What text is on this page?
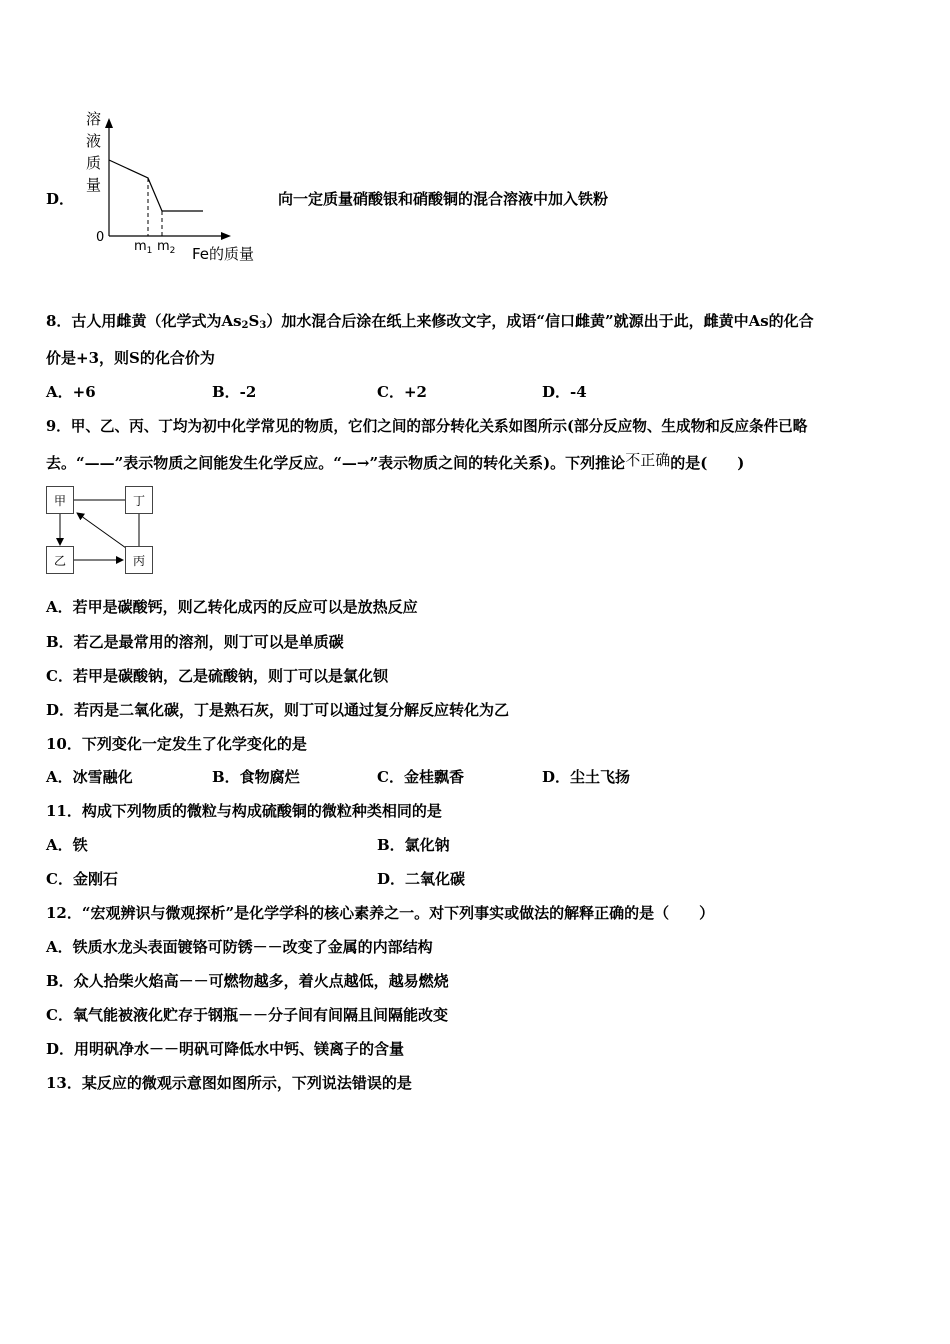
D．
溶
液
质
量
0
$m_1$ $m_2$ Fe的质量
向一定质量硝酸银和硝酸铜的混合溶液中加入铁粉
8．古人用雌黄（化学式为$As_2S_3$）加水混合后涂在纸上来修改文字，成语“信口雌黄”就源出于此，雌黄中As的化合
价是+3，则S的化合价为
A．+6	B．-2	C．+2	D．-4
9．甲、乙、丙、丁均为初中化学常见的物质，它们之间的部分转化关系如图所示(部分反应物、生成物和反应条件已略
去。“——”表示物质之间能发生化学反应。“—→”表示物质之间的转化关系)。下列推论不正确的是(　　)
甲	丁
乙	丙
A．若甲是碳酸钙，则乙转化成丙的反应可以是放热反应
B．若乙是最常用的溶剂，则丁可以是单质碳
C．若甲是碳酸钠，乙是硫酸钠，则丁可以是氯化钡
D．若丙是二氧化碳，丁是熟石灰，则丁可以通过复分解反应转化为乙
10．下列变化一定发生了化学变化的是
A．冰雪融化	B．食物腐烂	C．金桂飘香	D．尘土飞扬
11．构成下列物质的微粒与构成硫酸铜的微粒种类相同的是
A．铁	B．氯化钠
C．金刚石	D．二氧化碳
12．“宏观辨识与微观探析”是化学学科的核心素养之一。对下列事实或做法的解释正确的是（　　）
A．铁质水龙头表面镀铬可防锈－－改变了金属的内部结构
B．众人拾柴火焰高－－可燃物越多，着火点越低，越易燃烧
C．氧气能被液化贮存于钢瓶－－分子间有间隔且间隔能改变
D．用明矾净水－－明矾可降低水中钙、镁离子的含量
13．某反应的微观示意图如图所示，下列说法错误的是
